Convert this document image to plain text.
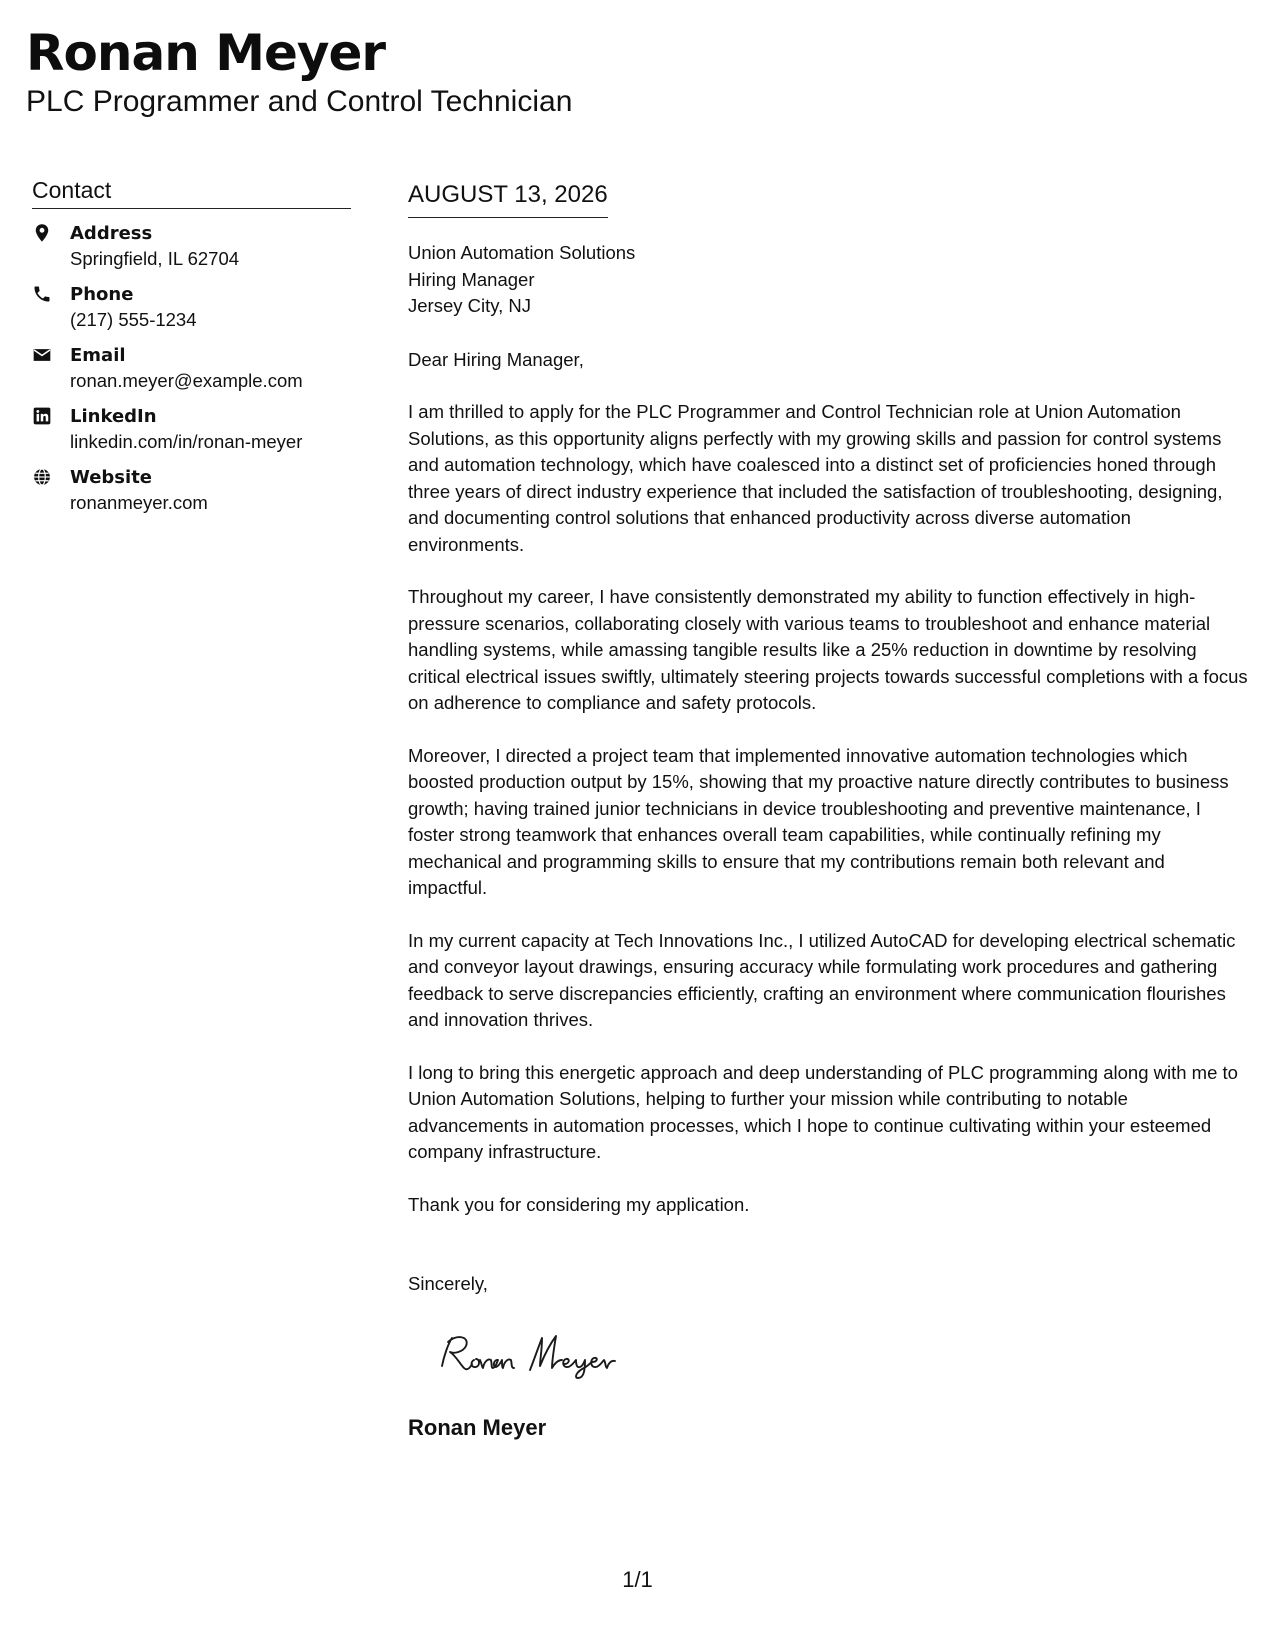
Ronan Meyer

PLC Programmer and Control Technician

Contact
Address
Springfield, IL 62704
Phone
(217) 555-1234
Email
ronan.meyer@example.com
LinkedIn
linkedin.com/in/ronan-meyer
Website
ronanmeyer.com
AUGUST 13, 2026
Union Automation Solutions
Hiring Manager
Jersey City, NJ
Dear Hiring Manager,

I am thrilled to apply for the PLC Programmer and Control Technician role at Union Automation Solutions, as this opportunity aligns perfectly with my growing skills and passion for control systems and automation technology, which have coalesced into a distinct set of proficiencies honed through three years of direct industry experience that included the satisfaction of troubleshooting, designing, and documenting control solutions that enhanced productivity across diverse automation environments.

Throughout my career, I have consistently demonstrated my ability to function effectively in high-pressure scenarios, collaborating closely with various teams to troubleshoot and enhance material handling systems, while amassing tangible results like a 25% reduction in downtime by resolving critical electrical issues swiftly, ultimately steering projects towards successful completions with a focus on adherence to compliance and safety protocols.

Moreover, I directed a project team that implemented innovative automation technologies which boosted production output by 15%, showing that my proactive nature directly contributes to business growth; having trained junior technicians in device troubleshooting and preventive maintenance, I foster strong teamwork that enhances overall team capabilities, while continually refining my mechanical and programming skills to ensure that my contributions remain both relevant and impactful.

In my current capacity at Tech Innovations Inc., I utilized AutoCAD for developing electrical schematic and conveyor layout drawings, ensuring accuracy while formulating work procedures and gathering feedback to serve discrepancies efficiently, crafting an environment where communication flourishes and innovation thrives.

I long to bring this energetic approach and deep understanding of PLC programming along with me to Union Automation Solutions, helping to further your mission while contributing to notable advancements in automation processes, which I hope to continue cultivating within your esteemed company infrastructure.

Thank you for considering my application.

Sincerely,
Ronan Meyer
1/1
